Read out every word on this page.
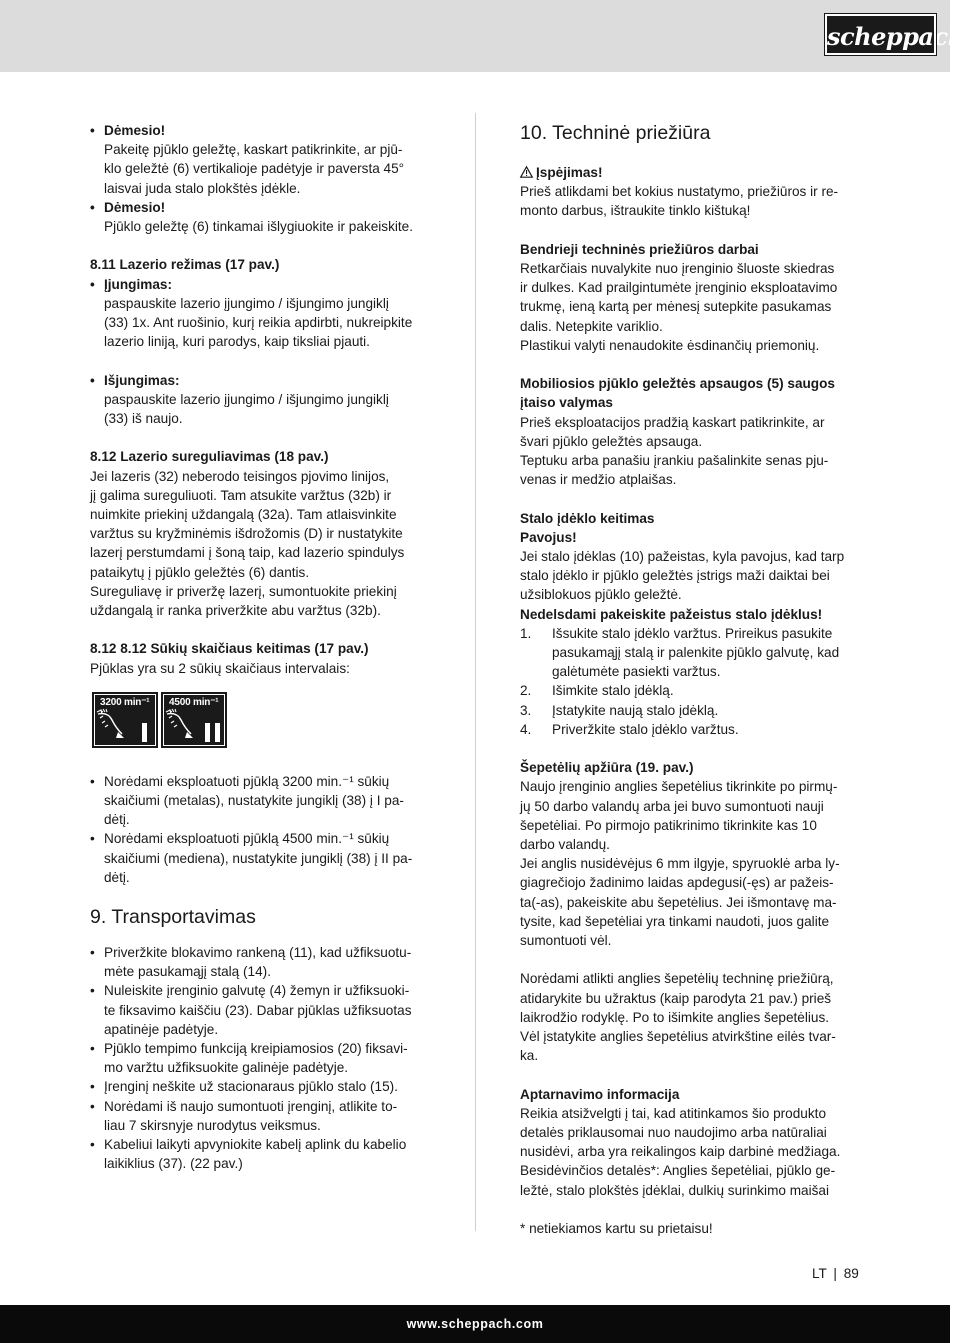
scheppach
• Dėmesio!
Pakeitę pjūklo geležtę, kaskart patikrinkite, ar pjū-
klo geležtė (6) vertikalioje padėtyje ir paversta 45°
laisvai juda stalo plokštės įdėkle.
• Dėmesio!
Pjūklo geležtę (6) tinkamai išlygiuokite ir pakeiskite.
8.11 Lazerio režimas (17 pav.)
• Įjungimas:

paspauskite lazerio įjungimo / išjungimo jungiklį

(33) 1x. Ant ruošinio, kurį reikia apdirbti, nukreipkite

lazerio liniją, kuri parodys, kaip tiksliai pjauti.
• Išjungimas:

paspauskite lazerio įjungimo / išjungimo jungiklį

(33) iš naujo.
8.12 Lazerio sureguliavimas (18 pav.)

Jei lazeris (32) neberodo teisingos pjovimo linijos,

jį galima sureguliuoti. Tam atsukite varžtus (32b) ir

nuimkite priekinį uždangalą (32a). Tam atlaisvinkite

varžtus su kryžminėmis išdrožomis (D) ir nustatykite

lazerį perstumdami į šoną taip, kad lazerio spindulys

pataikytų į pjūklo geležtės (6) dantis.

Sureguliavę ir priveržę lazerį, sumontuokite priekinį

uždangalą ir ranka priveržkite abu varžtus (32b).
8.12 8.12 Sūkių skaičiaus keitimas (17 pav.)
Pjūklas yra su 2 sūkių skaičiaus intervalais:
3200 min⁻¹ 4500 min⁻¹

• Norėdami eksploatuoti pjūklą 3200 min.⁻¹ sūkių

skaičiumi (metalas), nustatykite jungiklį (38) į I pa-

dėtį.

• Norėdami eksploatuoti pjūklą 4500 min.⁻¹ sūkių

skaičiumi (mediena), nustatykite jungiklį (38) į II pa-

dėtį.
9. Transportavimas

• Priveržkite blokavimo rankeną (11), kad užfiksuotu-

mėte pasukamąjį stalą (14).

• Nuleiskite įrenginio galvutę (4) žemyn ir užfiksuoki-

te fiksavimo kaiščiu (23). Dabar pjūklas užfiksuotas

apatinėje padėtyje.

• Pjūklo tempimo funkciją kreipiamosios (20) fiksavi-

mo varžtu užfiksuokite galinėje padėtyje.
• Įrenginį neškite už stacionaraus pjūklo stalo (15).

• Norėdami iš naujo sumontuoti įrenginį, atlikite to-

liau 7 skirsnyje nurodytus veiksmus.

• Kabeliui laikyti apvyniokite kabelį aplink du kabelio

laikiklius (37). (22 pav.)
10. Techninė priežiūra
Įspėjimas!

Prieš atlikdami bet kokius nustatymo, priežiūros ir re-

monto darbus, ištraukite tinklo kištuką!
Bendrieji techninės priežiūros darbai

Retkarčiais nuvalykite nuo įrenginio šluoste skiedras

ir dulkes. Kad prailgintumėte įrenginio eksploatavimo

trukmę, ieną kartą per mėnesį sutepkite pasukamas

dalis. Netepkite variklio.
Plastikui valyti nenaudokite ėsdinančių priemonių.
Mobiliosios pjūklo geležtės apsaugos (5) saugos
įtaiso valymas

Prieš eksploatacijos pradžią kaskart patikrinkite, ar

švari pjūklo geležtės apsauga.

Teptuku arba panašiu įrankiu pašalinkite senas pju-

venas ir medžio atplaišas.
Stalo įdėklo keitimas
Pavojus!

Jei stalo įdėklas (10) pažeistas, kyla pavojus, kad tarp

stalo įdėklo ir pjūklo geležtės įstrigs maži daiktai bei

užsiblokuos pjūklo geležtė.
Nedelsdami pakeiskite pažeistus stalo įdėklus!
1. Išsukite stalo įdėklo varžtus. Prireikus pasukite

pasukamąjį stalą ir palenkite pjūklo galvutę, kad

galėtumėte pasiekti varžtus.
2. Išimkite stalo įdėklą.
3. Įstatykite naują stalo įdėklą.
4. Priveržkite stalo įdėklo varžtus.
Šepetėlių apžiūra (19. pav.)

Naujo įrenginio anglies šepetėlius tikrinkite po pirmų-

jų 50 darbo valandų arba jei buvo sumontuoti nauji

šepetėliai. Po pirmojo patikrinimo tikrinkite kas 10

darbo valandų.

Jei anglis nusidėvėjus 6 mm ilgyje, spyruoklė arba ly-

giagrečiojo žadinimo laidas apdegusi(-ęs) ar pažeis-

ta(-as), pakeiskite abu šepetėlius. Jei išmontavę ma-

tysite, kad šepetėliai yra tinkami naudoti, juos galite

sumontuoti vėl.

Norėdami atlikti anglies šepetėlių techninę priežiūrą,

atidarykite bu užraktus (kaip parodyta 21 pav.) prieš

laikrodžio rodyklę. Po to išimkite anglies šepetėlius.

Vėl įstatykite anglies šepetėlius atvirkštine eilės tvar-

ka.
Aptarnavimo informacija

Reikia atsižvelgti į tai, kad atitinkamos šio produkto

detalės priklausomai nuo naudojimo arba natūraliai

nusidėvi, arba yra reikalingos kaip darbinė medžiaga.

Besidėvinčios detalės*: Anglies šepetėliai, pjūklo ge-

ležtė, stalo plokštės įdėklai, dulkių surinkimo maišai
* netiekiamos kartu su prietaisu!
LT | 89
www.scheppach.com
